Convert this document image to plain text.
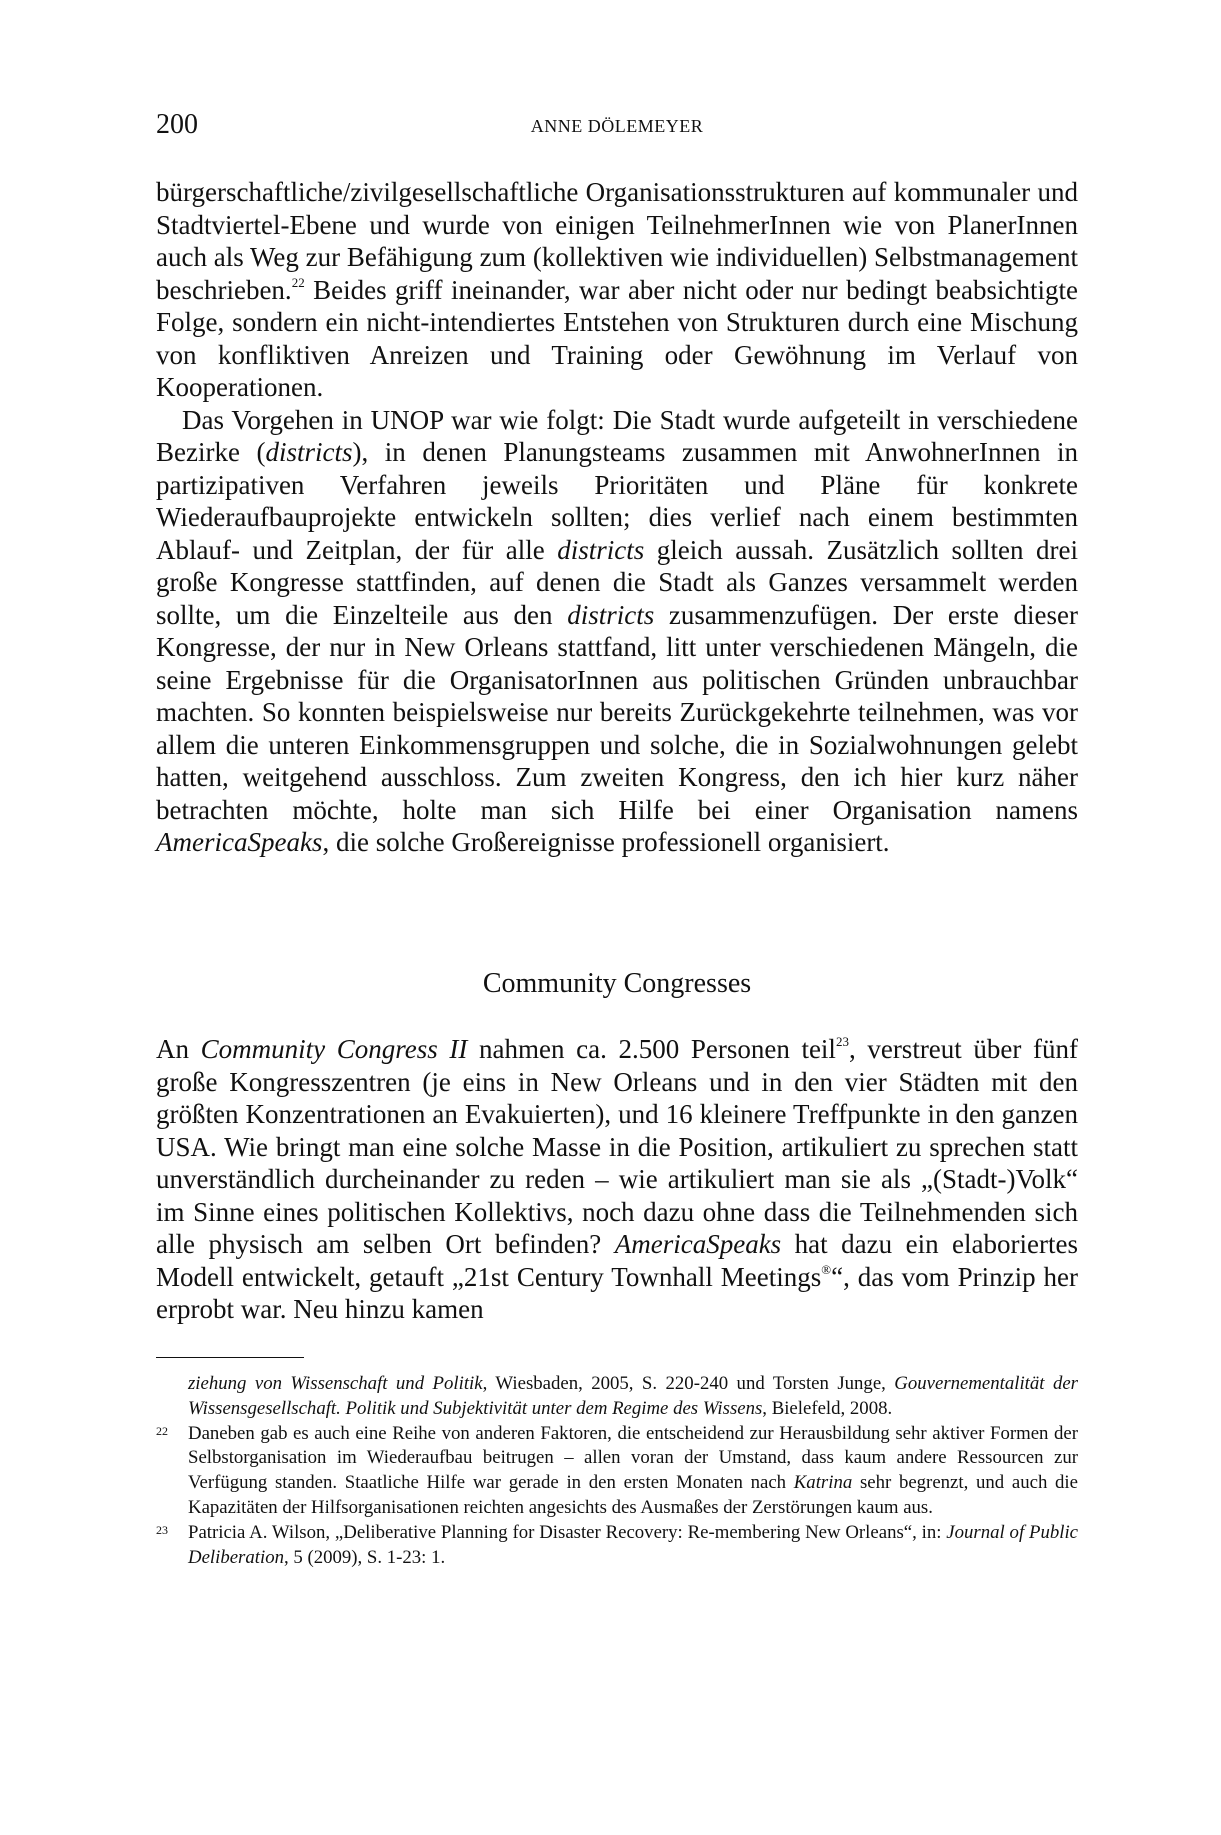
200	ANNE DÖLEMEYER

bürgerschaftliche/zivilgesellschaftliche Organisationsstrukturen auf kommunaler und Stadtviertel-Ebene und wurde von einigen TeilnehmerInnen wie von PlanerInnen auch als Weg zur Befähigung zum (kollektiven wie individuellen) Selbstmanagement beschrieben.$^{22}$ Beides griff ineinander, war aber nicht oder nur bedingt beabsichtigte Folge, sondern ein nicht-intendiertes Entstehen von Strukturen durch eine Mischung von konfliktiven Anreizen und Training oder Gewöhnung im Verlauf von Kooperationen.

Das Vorgehen in UNOP war wie folgt: Die Stadt wurde aufgeteilt in verschiedene Bezirke (districts), in denen Planungsteams zusammen mit AnwohnerInnen in partizipativen Verfahren jeweils Prioritäten und Pläne für konkrete Wiederaufbauprojekte entwickeln sollten; dies verlief nach einem bestimmten Ablauf- und Zeitplan, der für alle districts gleich aussah. Zusätzlich sollten drei große Kongresse stattfinden, auf denen die Stadt als Ganzes versammelt werden sollte, um die Einzelteile aus den districts zusammenzufügen. Der erste dieser Kongresse, der nur in New Orleans stattfand, litt unter verschiedenen Mängeln, die seine Ergebnisse für die OrganisatorInnen aus politischen Gründen unbrauchbar machten. So konnten beispielsweise nur bereits Zurückgekehrte teilnehmen, was vor allem die unteren Einkommensgruppen und solche, die in Sozialwohnungen gelebt hatten, weitgehend ausschloss. Zum zweiten Kongress, den ich hier kurz näher betrachten möchte, holte man sich Hilfe bei einer Organisation namens AmericaSpeaks, die solche Großereignisse professionell organisiert.

Community Congresses

An Community Congress II nahmen ca. 2.500 Personen teil$^{23}$, verstreut über fünf große Kongresszentren (je eins in New Orleans und in den vier Städten mit den größten Konzentrationen an Evakuierten), und 16 kleinere Treffpunkte in den ganzen USA. Wie bringt man eine solche Masse in die Position, artikuliert zu sprechen statt unverständlich durcheinander zu reden – wie artikuliert man sie als „(Stadt-)Volk“ im Sinne eines politischen Kollektivs, noch dazu ohne dass die Teilnehmenden sich alle physisch am selben Ort befinden? AmericaSpeaks hat dazu ein elaboriertes Modell entwickelt, getauft „21st Century Townhall Meetings®“, das vom Prinzip her erprobt war. Neu hinzu kamen

ziehung von Wissenschaft und Politik, Wiesbaden, 2005, S. 220-240 und Torsten Junge, Gouvernementalität der Wissensgesellschaft. Politik und Subjektivität unter dem Regime des Wissens, Bielefeld, 2008.

22 Daneben gab es auch eine Reihe von anderen Faktoren, die entscheidend zur Herausbildung sehr aktiver Formen der Selbstorganisation im Wiederaufbau beitrugen – allen voran der Umstand, dass kaum andere Ressourcen zur Verfügung standen. Staatliche Hilfe war gerade in den ersten Monaten nach Katrina sehr begrenzt, und auch die Kapazitäten der Hilfsorganisationen reichten angesichts des Ausmaßes der Zerstörungen kaum aus.

23 Patricia A. Wilson, „Deliberative Planning for Disaster Recovery: Re-membering New Orleans“, in: Journal of Public Deliberation, 5 (2009), S. 1-23: 1.
